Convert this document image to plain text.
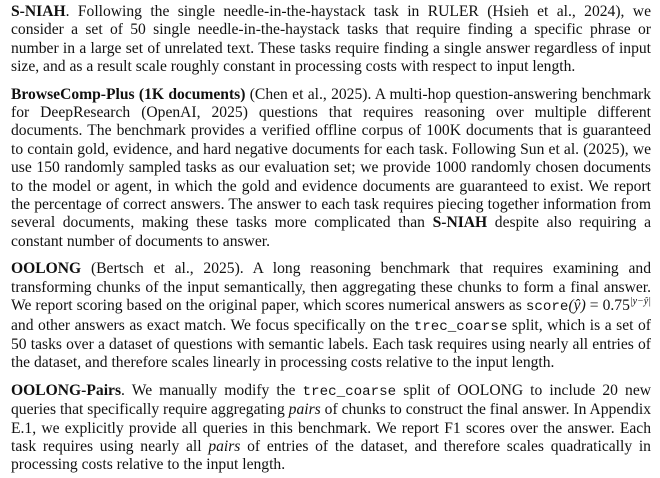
S-NIAH. Following the single needle-in-the-haystack task in RULER (Hsieh et al., 2024), we consider a set of 50 single needle-in-the-haystack tasks that require finding a specific phrase or number in a large set of unrelated text. These tasks require finding a single answer regardless of input size, and as a result scale roughly constant in processing costs with respect to input length.

BrowseComp-Plus (1K documents) (Chen et al., 2025). A multi-hop question-answering benchmark for DeepResearch (OpenAI, 2025) questions that requires reasoning over multiple different documents. The benchmark provides a verified offline corpus of 100K documents that is guaranteed to contain gold, evidence, and hard negative documents for each task. Following Sun et al. (2025), we use 150 randomly sampled tasks as our evaluation set; we provide 1000 randomly chosen documents to the model or agent, in which the gold and evidence documents are guaranteed to exist. We report the percentage of correct answers. The answer to each task requires piecing together information from several documents, making these tasks more complicated than S-NIAH despite also requiring a constant number of documents to answer.

OOLONG (Bertsch et al., 2025). A long reasoning benchmark that requires examining and transforming chunks of the input semantically, then aggregating these chunks to form a final answer. We report scoring based on the original paper, which scores numerical answers as score(ŷ) = $0.75^{|y-ŷ|}$ and other answers as exact match. We focus specifically on the trec_coarse split, which is a set of 50 tasks over a dataset of questions with semantic labels. Each task requires using nearly all entries of the dataset, and therefore scales linearly in processing costs relative to the input length.

OOLONG-Pairs. We manually modify the trec_coarse split of OOLONG to include 20 new queries that specifically require aggregating pairs of chunks to construct the final answer. In Appendix E.1, we explicitly provide all queries in this benchmark. We report F1 scores over the answer. Each task requires using nearly all pairs of entries of the dataset, and therefore scales quadratically in processing costs relative to the input length.
